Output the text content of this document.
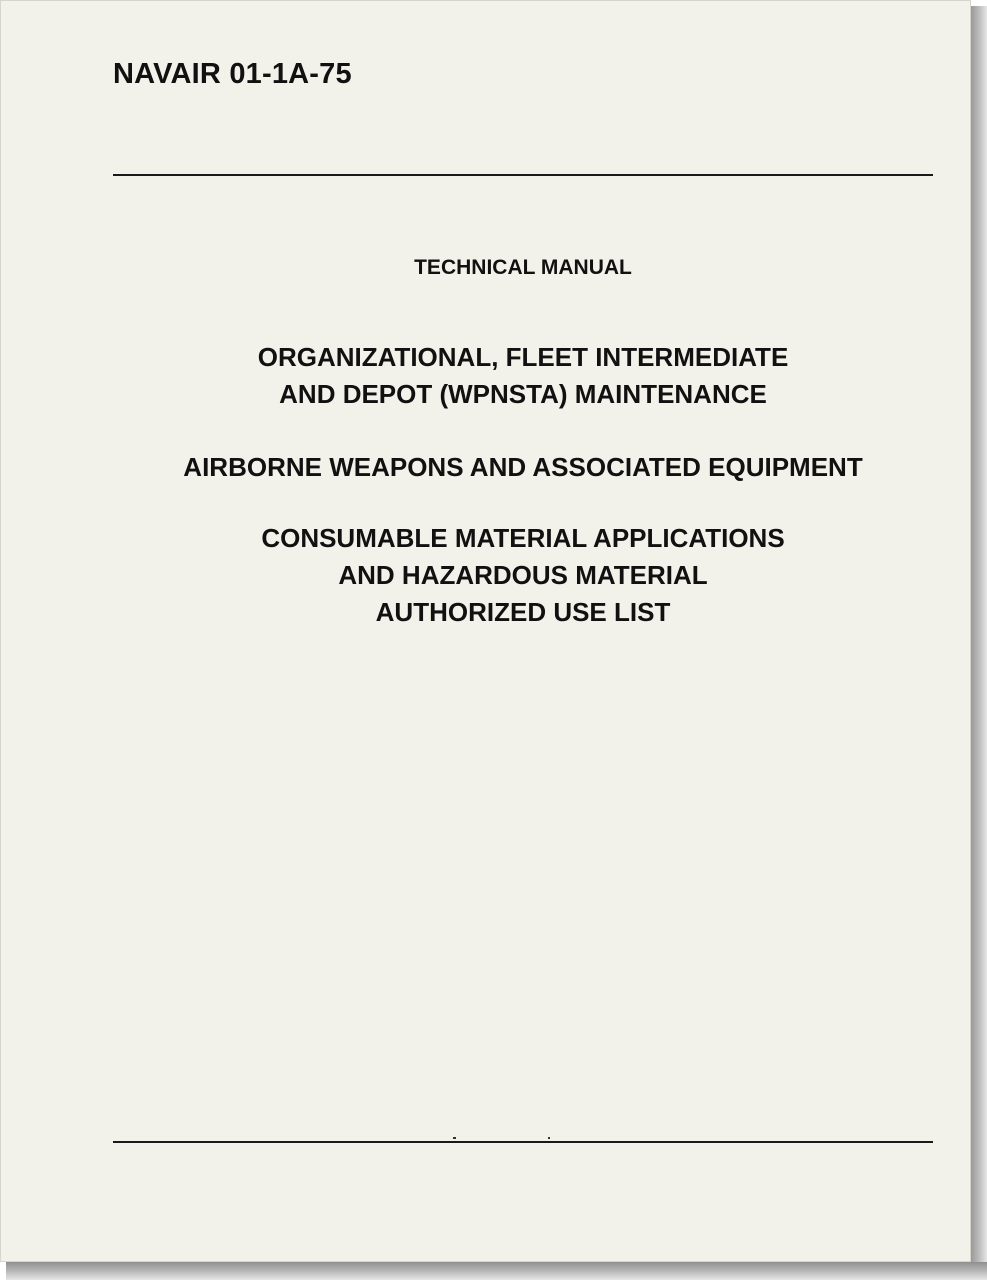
NAVAIR 01-1A-75
TECHNICAL MANUAL
ORGANIZATIONAL, FLEET INTERMEDIATE
AND DEPOT (WPNSTA) MAINTENANCE
AIRBORNE WEAPONS AND ASSOCIATED EQUIPMENT
CONSUMABLE MATERIAL APPLICATIONS
AND HAZARDOUS MATERIAL
AUTHORIZED USE LIST
